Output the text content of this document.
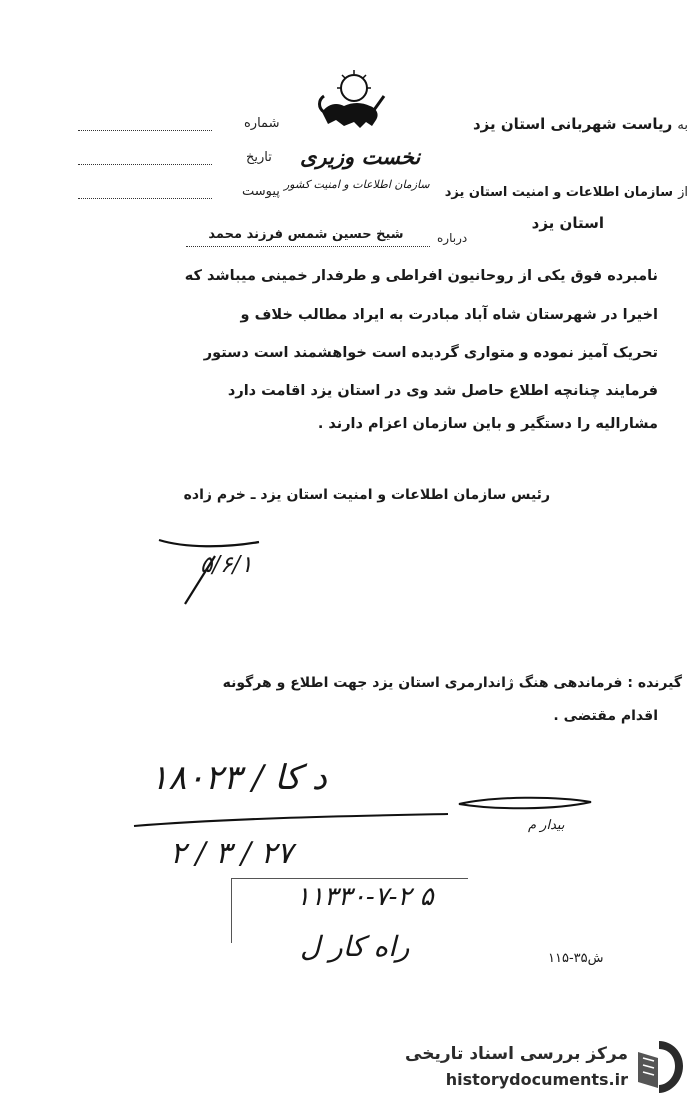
به ریاست شهربانی استان یزد
شماره
نخست وزیری
تاریخ
از سازمان اطلاعات و امنیت استان یزد
سازمان اطلاعات و امنیت کشور
پیوست
استان یزد
درباره
شیخ حسین شمس فرزند محمد
نامبرده فوق یکی از روحانیون افراطی و طرفدار خمینی میباشد که
اخیرا در شهرستان شاه آباد مبادرت به ایراد مطالب خلاف و
تحریک آمیز نموده و متواری گردیده است خواهشمند است دستور
فرمایند چنانچه اطلاع حاصل شد وی در استان یزد اقامت دارد
مشارالیه را دستگیر و باین سازمان اعزام دارند .
رئیس سازمان اطلاعات و امنیت استان یزد ـ خرم زاده
۵/۶/۱
گیرنده : فرماندهی هنگ ژاندارمری استان یزد جهت اطلاع و هرگونه
اقدام مقتضی .
۱۸۰۲۳ / د کا
بیدار م
۲ / ۳ / ۲۷
۱۱۳۳۰-۷-۲ ۵
راه کار ل	۱۱۵-۳۵ش
مرکز بررسی اسناد تاریخی
historydocuments.ir
